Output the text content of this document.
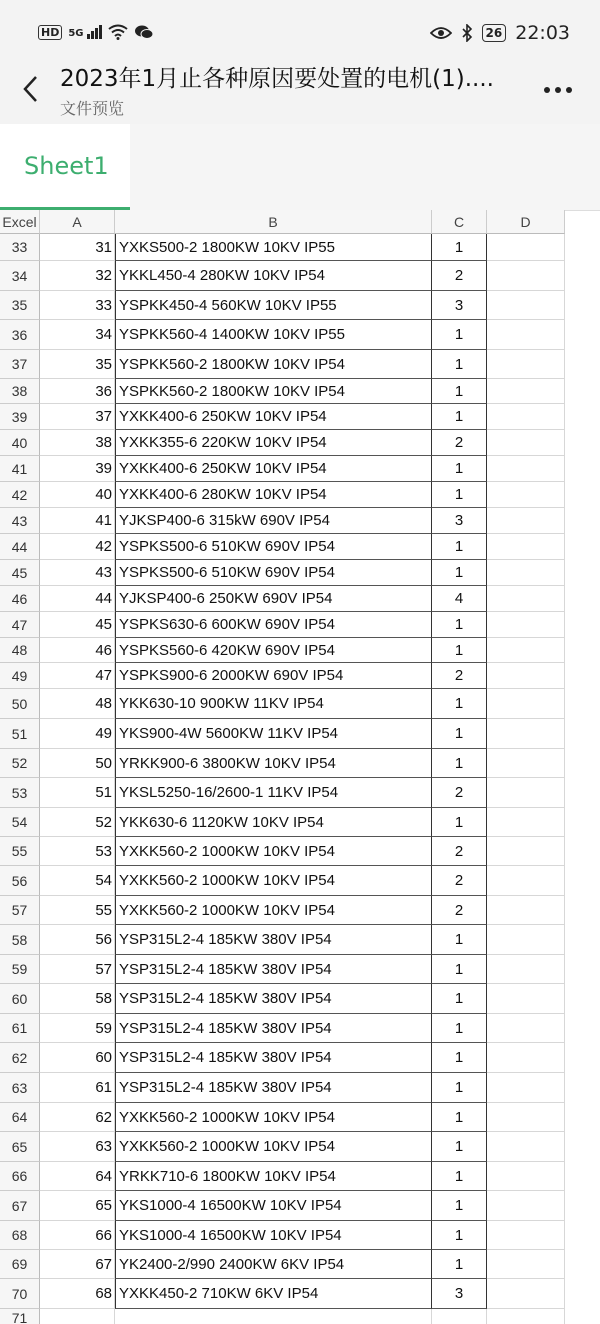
HD 5G	26 22:03
2023年1月止各种原因要处置的电机(1)....
文件预览
Sheet1
Excel	A	B	C	D
33	31 YXKS500-2 1800KW 10KV IP55	1
34	32 YKKL450-4 280KW 10KV IP54	2
35	33 YSPKK450-4 560KW 10KV IP55	3
36	34 YSPKK560-4 1400KW 10KV IP55	1
37	35 YSPKK560-2 1800KW 10KV IP54	1
38	36 YSPKK560-2 1800KW 10KV IP54	1
39	37 YXKK400-6 250KW 10KV IP54	1
40	38 YXKK355-6 220KW 10KV IP54	2
41	39 YXKK400-6 250KW 10KV IP54	1
42	40 YXKK400-6 280KW 10KV IP54	1
43	41 YJKSP400-6 315kW 690V IP54	3
44	42 YSPKS500-6 510KW 690V IP54	1
45	43 YSPKS500-6 510KW 690V IP54	1
46	44 YJKSP400-6 250KW 690V IP54	4
47	45 YSPKS630-6 600KW 690V IP54	1
48	46 YSPKS560-6 420KW 690V IP54	1
49	47 YSPKS900-6 2000KW 690V IP54	2
50	48 YKK630-10 900KW 11KV IP54	1
51	49 YKS900-4W 5600KW 11KV IP54	1
52	50 YRKK900-6 3800KW 10KV IP54	1
53	51 YKSL5250-16/2600-1 11KV IP54	2
54	52 YKK630-6 1120KW 10KV IP54	1
55	53 YXKK560-2 1000KW 10KV IP54	2
56	54 YXKK560-2 1000KW 10KV IP54	2
57	55 YXKK560-2 1000KW 10KV IP54	2
58	56 YSP315L2-4 185KW 380V IP54	1
59	57 YSP315L2-4 185KW 380V IP54	1
60	58 YSP315L2-4 185KW 380V IP54	1
61	59 YSP315L2-4 185KW 380V IP54	1
62	60 YSP315L2-4 185KW 380V IP54	1
63	61 YSP315L2-4 185KW 380V IP54	1
64	62 YXKK560-2 1000KW 10KV IP54	1
65	63 YXKK560-2 1000KW 10KV IP54	1
66	64 YRKK710-6 1800KW 10KV IP54	1
67	65 YKS1000-4 16500KW 10KV IP54	1
68	66 YKS1000-4 16500KW 10KV IP54	1
69	67 YK2400-2/990 2400KW 6KV IP54	1
70	68 YXKK450-2 710KW 6KV IP54	3
71
